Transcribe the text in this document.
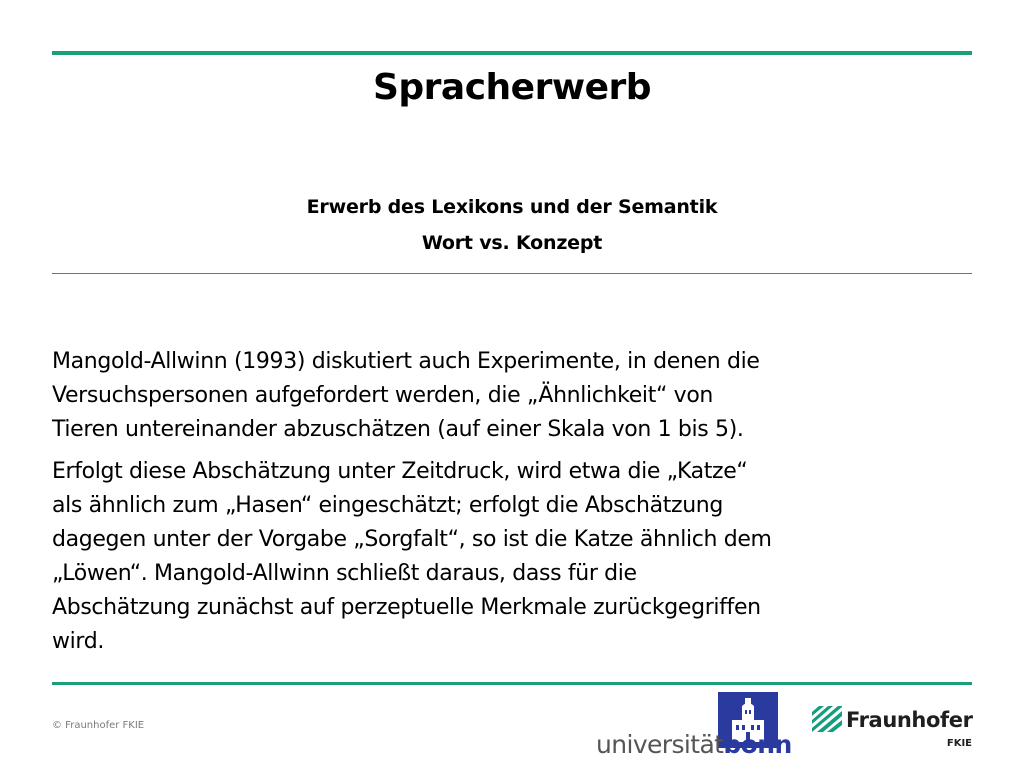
Spracherwerb
Erwerb des Lexikons und der Semantik
Wort vs. Konzept

Mangold-Allwinn (1993) diskutiert auch Experimente, in denen die
Versuchspersonen aufgefordert werden, die „Ähnlichkeit“ von
Tieren untereinander abzuschätzen (auf einer Skala von 1 bis 5).

Erfolgt diese Abschätzung unter Zeitdruck, wird etwa die „Katze“
als ähnlich zum „Hasen“ eingeschätzt; erfolgt die Abschätzung
dagegen unter der Vorgabe „Sorgfalt“, so ist die Katze ähnlich dem
„Löwen“. Mangold-Allwinn schließt daraus, dass für die
Abschätzung zunächst auf perzeptuelle Merkmale zurückgegriffen
wird.

© Fraunhofer FKIE
universitätbonn
Fraunhofer
FKIE
